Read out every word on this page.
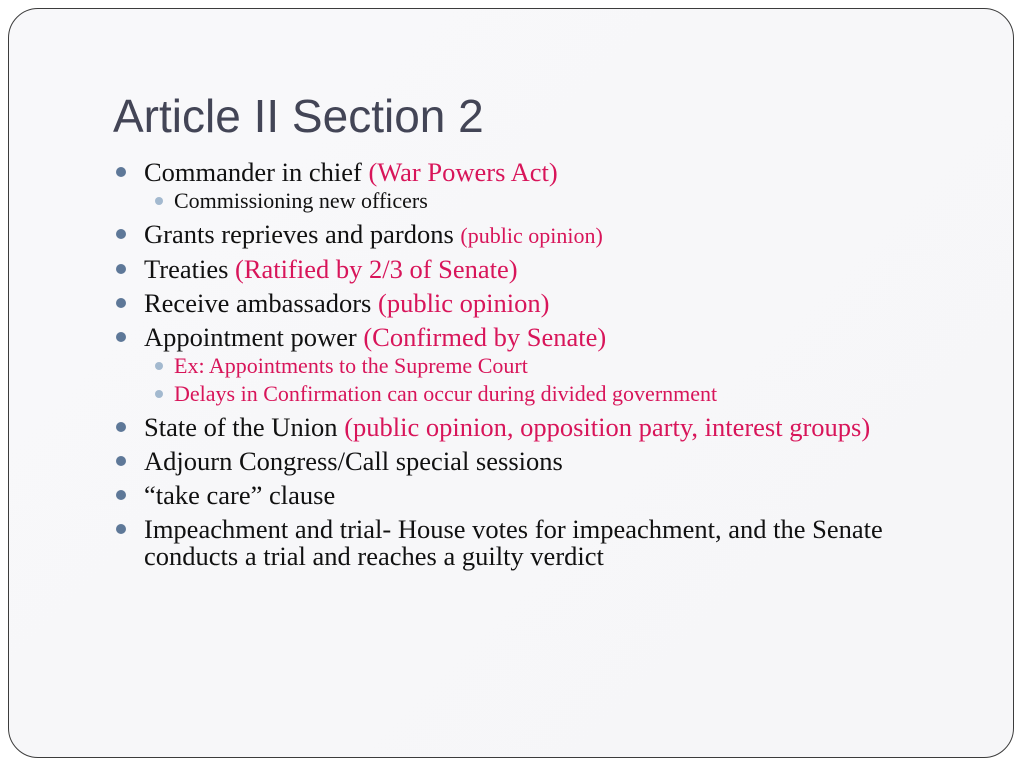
Article II Section 2
Commander in chief (War Powers Act)
Commissioning new officers
Grants reprieves and pardons (public opinion)
Treaties (Ratified by 2/3 of Senate)
Receive ambassadors (public opinion)
Appointment power (Confirmed by Senate)
Ex: Appointments to the Supreme Court
Delays in Confirmation can occur during divided government
State of the Union (public opinion, opposition party, interest groups)
Adjourn Congress/Call special sessions
“take care” clause
Impeachment and trial- House votes for impeachment, and the Senate conducts a trial and reaches a guilty verdict
